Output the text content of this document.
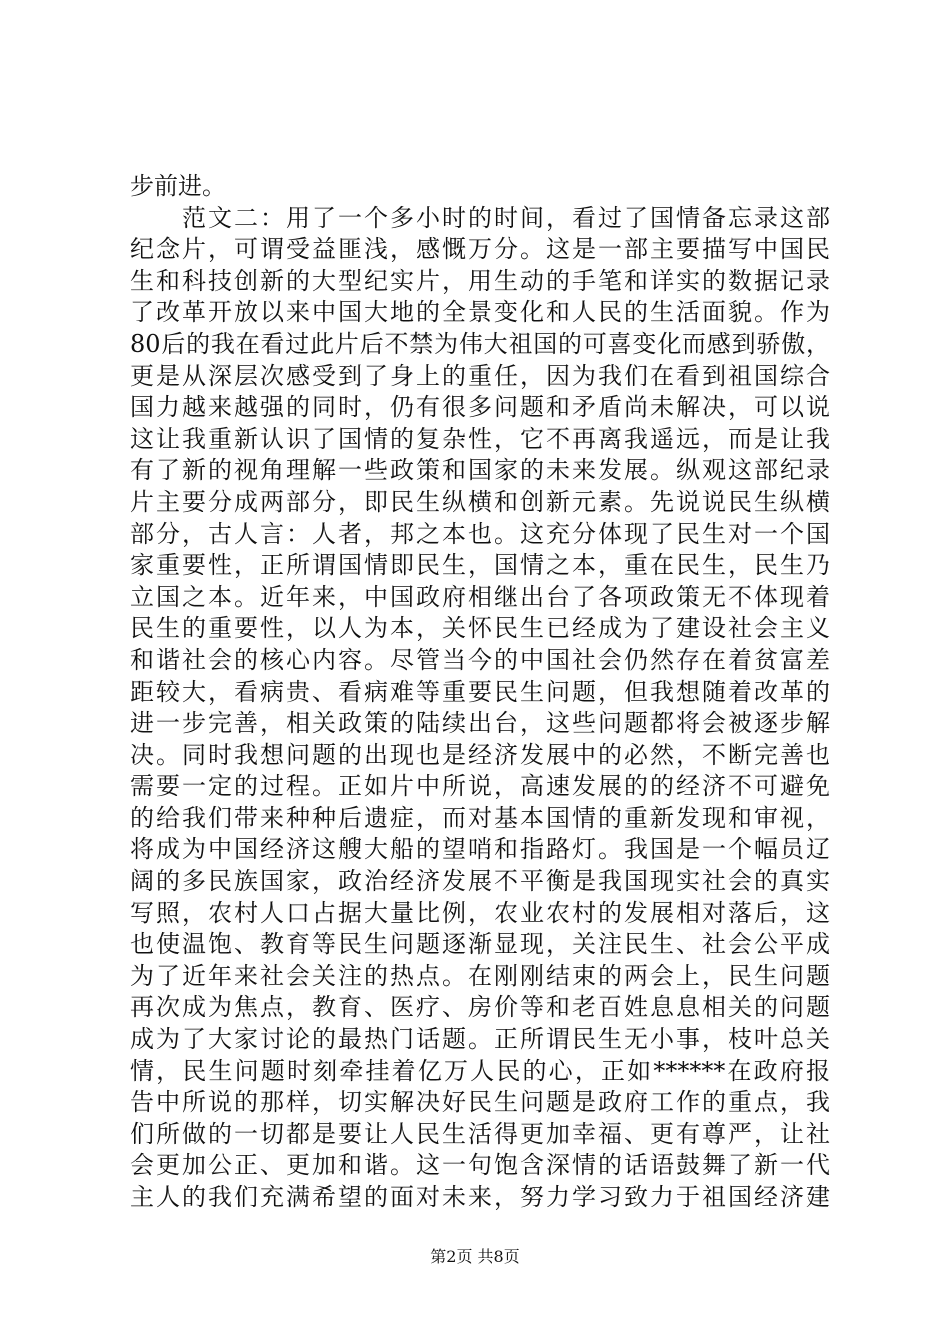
步前进。
　　范文二：用了一个多小时的时间，看过了国情备忘录这部
纪念片，可谓受益匪浅，感慨万分。这是一部主要描写中国民
生和科技创新的大型纪实片，用生动的手笔和详实的数据记录
了改革开放以来中国大地的全景变化和人民的生活面貌。作为
80后的我在看过此片后不禁为伟大祖国的可喜变化而感到骄傲，
更是从深层次感受到了身上的重任，因为我们在看到祖国综合
国力越来越强的同时，仍有很多问题和矛盾尚未解决，可以说
这让我重新认识了国情的复杂性，它不再离我遥远，而是让我
有了新的视角理解一些政策和国家的未来发展。纵观这部纪录
片主要分成两部分，即民生纵横和创新元素。先说说民生纵横
部分，古人言：人者，邦之本也。这充分体现了民生对一个国
家重要性，正所谓国情即民生，国情之本，重在民生，民生乃
立国之本。近年来，中国政府相继出台了各项政策无不体现着
民生的重要性，以人为本，关怀民生已经成为了建设社会主义
和谐社会的核心内容。尽管当今的中国社会仍然存在着贫富差
距较大，看病贵、看病难等重要民生问题，但我想随着改革的
进一步完善，相关政策的陆续出台，这些问题都将会被逐步解
决。同时我想问题的出现也是经济发展中的必然，不断完善也
需要一定的过程。正如片中所说，高速发展的的经济不可避免
的给我们带来种种后遗症，而对基本国情的重新发现和审视，
将成为中国经济这艘大船的望哨和指路灯。我国是一个幅员辽
阔的多民族国家，政治经济发展不平衡是我国现实社会的真实
写照，农村人口占据大量比例，农业农村的发展相对落后，这
也使温饱、教育等民生问题逐渐显现，关注民生、社会公平成
为了近年来社会关注的热点。在刚刚结束的两会上，民生问题
再次成为焦点，教育、医疗、房价等和老百姓息息相关的问题
成为了大家讨论的最热门话题。正所谓民生无小事，枝叶总关
情，民生问题时刻牵挂着亿万人民的心，正如******在政府报
告中所说的那样，切实解决好民生问题是政府工作的重点，我
们所做的一切都是要让人民生活得更加幸福、更有尊严，让社
会更加公正、更加和谐。这一句饱含深情的话语鼓舞了新一代
主人的我们充满希望的面对未来，努力学习致力于祖国经济建
第2页 共8页
